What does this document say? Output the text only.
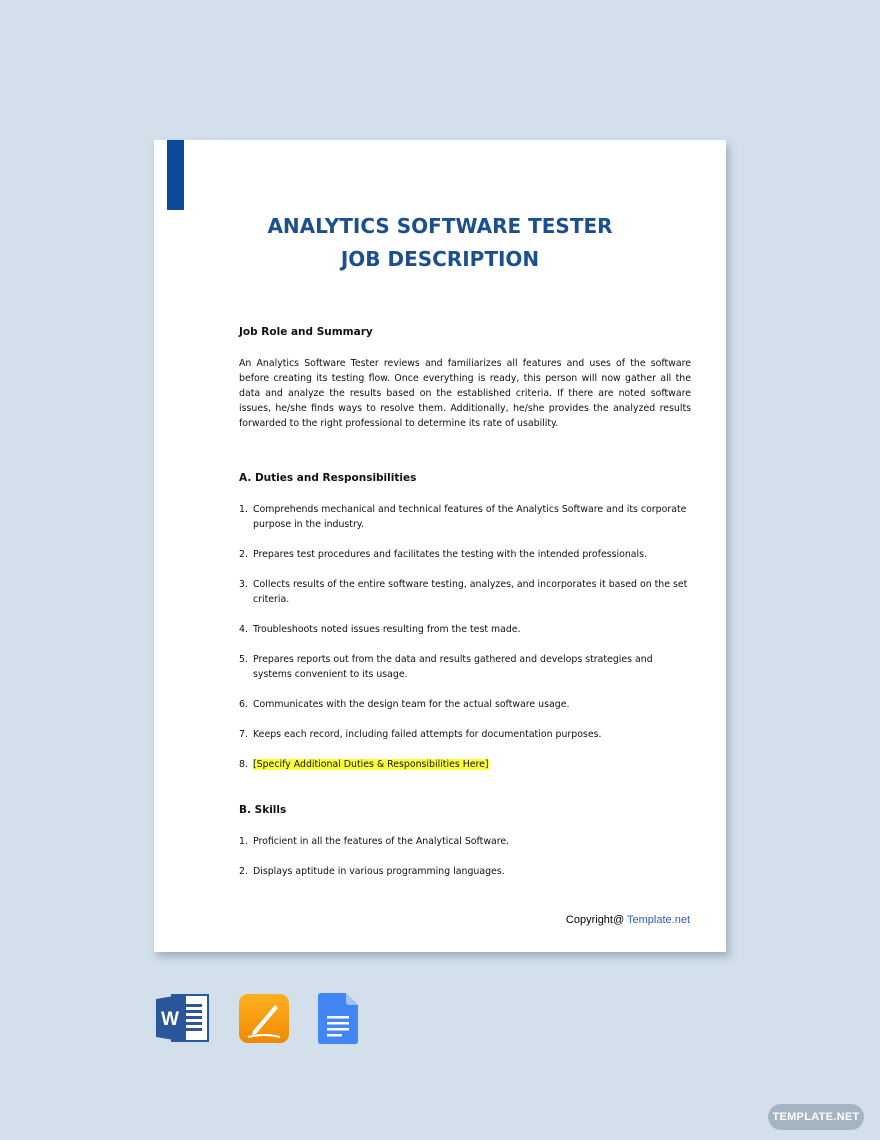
ANALYTICS SOFTWARE TESTER
JOB DESCRIPTION

Job Role and Summary

An Analytics Software Tester reviews and familiarizes all features and uses of the software before creating its testing flow. Once everything is ready, this person will now gather all the data and analyze the results based on the established criteria. If there are noted software issues, he/she finds ways to resolve them. Additionally, he/she provides the analyzed results forwarded to the right professional to determine its rate of usability.

A. Duties and Responsibilities

1. Comprehends mechanical and technical features of the Analytics Software and its corporate purpose in the industry.
2. Prepares test procedures and facilitates the testing with the intended professionals.
3. Collects results of the entire software testing, analyzes, and incorporates it based on the set criteria.
4. Troubleshoots noted issues resulting from the test made.
5. Prepares reports out from the data and results gathered and develops strategies and systems convenient to its usage.
6. Communicates with the design team for the actual software usage.
7. Keeps each record, including failed attempts for documentation purposes.
8. [Specify Additional Duties & Responsibilities Here]

B. Skills

1. Proficient in all the features of the Analytical Software.
2. Displays aptitude in various programming languages.
Copyright@ Template.net
W
TEMPLATE.NET
